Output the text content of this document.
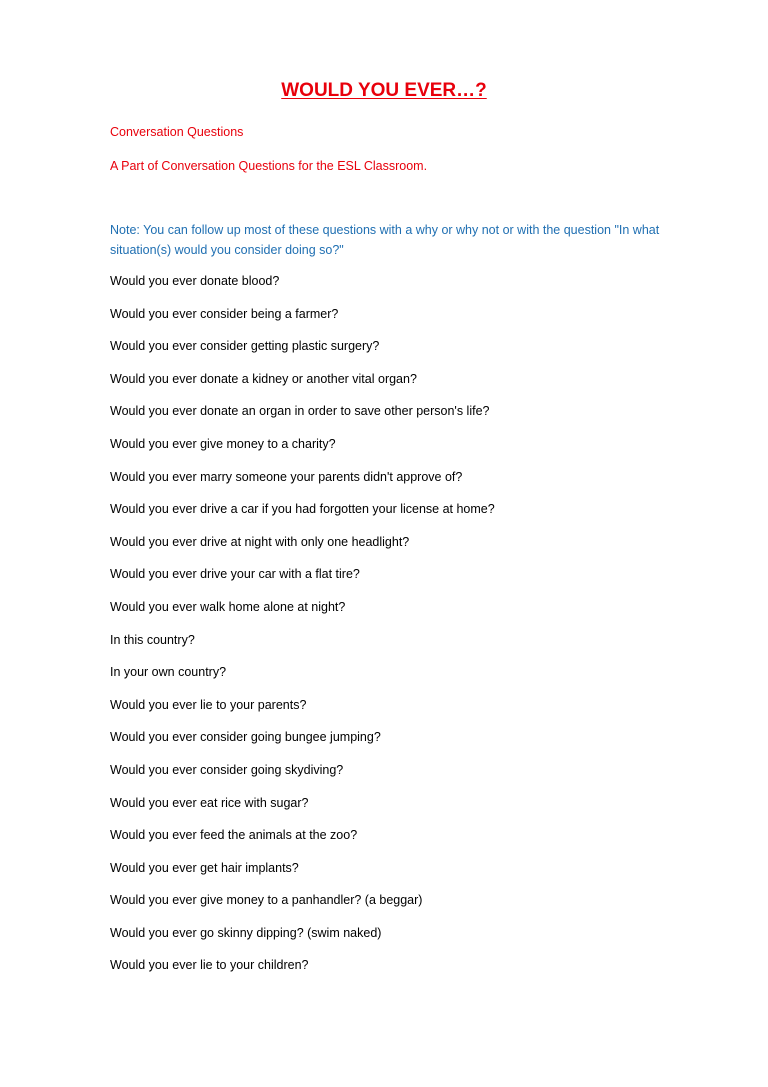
WOULD YOU EVER…?
Conversation Questions
A Part of Conversation Questions for the ESL Classroom.
Note: You can follow up most of these questions with a why or why not or with the question "In what situation(s) would you consider doing so?"
Would you ever donate blood?
Would you ever consider being a farmer?
Would you ever consider getting plastic surgery?
Would you ever donate a kidney or another vital organ?
Would you ever donate an organ in order to save other person's life?
Would you ever give money to a charity?
Would you ever marry someone your parents didn't approve of?
Would you ever drive a car if you had forgotten your license at home?
Would you ever drive at night with only one headlight?
Would you ever drive your car with a flat tire?
Would you ever walk home alone at night?
In this country?
In your own country?
Would you ever lie to your parents?
Would you ever consider going bungee jumping?
Would you ever consider going skydiving?
Would you ever eat rice with sugar?
Would you ever feed the animals at the zoo?
Would you ever get hair implants?
Would you ever give money to a panhandler? (a beggar)
Would you ever go skinny dipping? (swim naked)
Would you ever lie to your children?
